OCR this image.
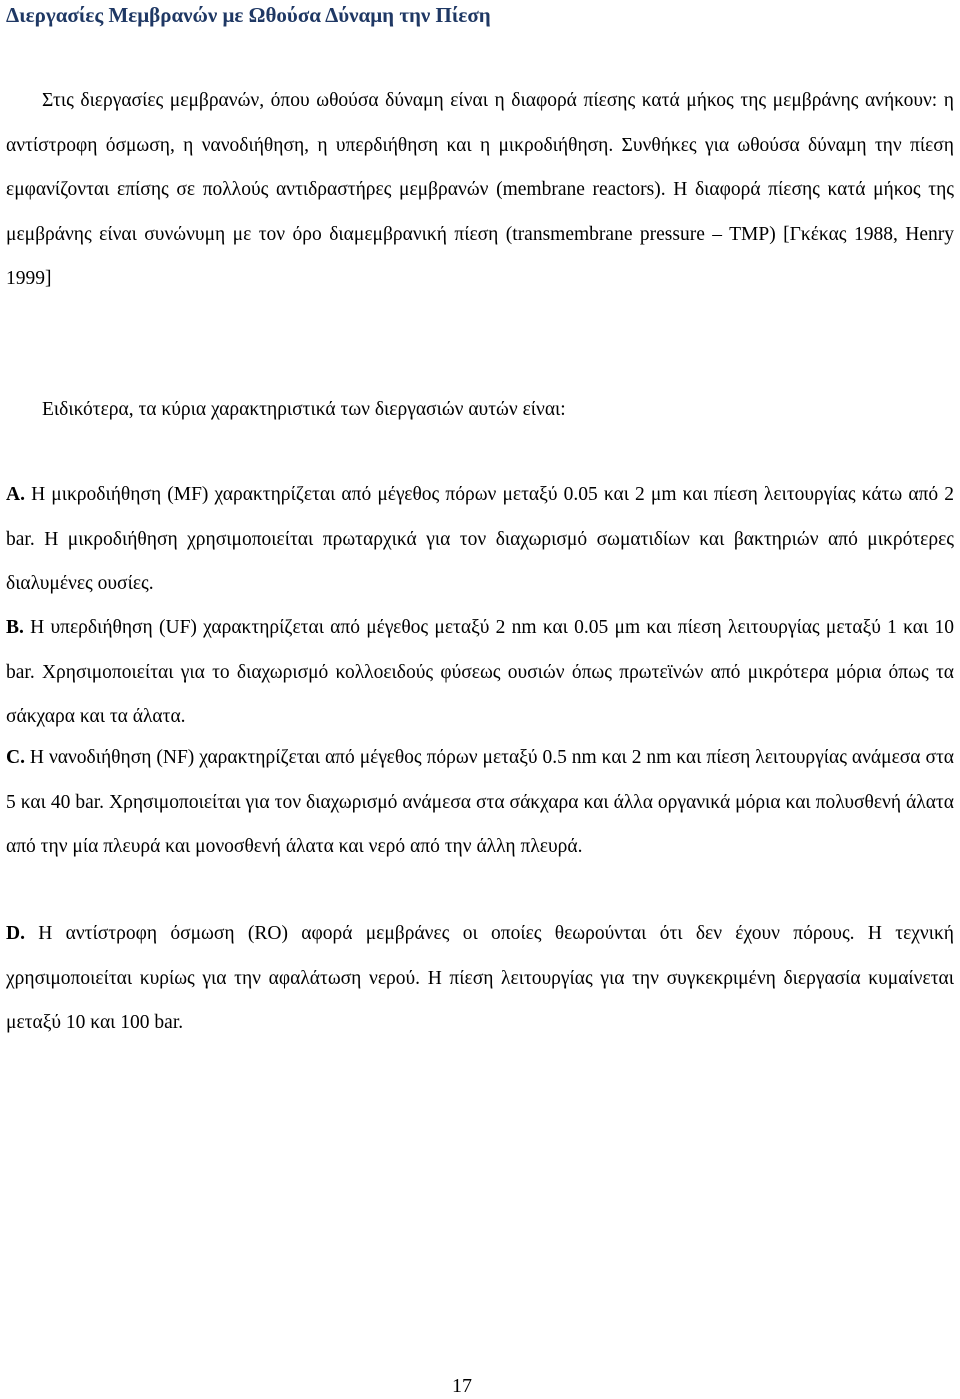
Διεργασίες Μεμβρανών με Ωθούσα Δύναμη την Πίεση

Στις διεργασίες μεμβρανών, όπου ωθούσα δύναμη είναι η διαφορά πίεσης κατά μήκος της μεμβράνης ανήκουν: η αντίστροφη όσμωση, η νανοδιήθηση, η υπερδιήθηση και η μικροδιήθηση. Συνθήκες για ωθούσα δύναμη την πίεση εμφανίζονται επίσης σε πολλούς αντιδραστήρες μεμβρανών (membrane reactors). Η διαφορά πίεσης κατά μήκος της μεμβράνης είναι συνώνυμη με τον όρο διαμεμβρανική πίεση (transmembrane pressure – TMP) [Γκέκας 1988, Henry 1999]

Ειδικότερα, τα κύρια χαρακτηριστικά των διεργασιών αυτών είναι:

A. Η μικροδιήθηση (MF) χαρακτηρίζεται από μέγεθος πόρων μεταξύ 0.05 και 2 μm και πίεση λειτουργίας κάτω από 2 bar. Η μικροδιήθηση χρησιμοποιείται πρωταρχικά για τον διαχωρισμό σωματιδίων και βακτηριών από μικρότερες διαλυμένες ουσίες.

B. Η υπερδιήθηση (UF) χαρακτηρίζεται από μέγεθος μεταξύ 2 nm και 0.05 μm και πίεση λειτουργίας μεταξύ 1 και 10 bar. Χρησιμοποιείται για το διαχωρισμό κολλοειδούς φύσεως ουσιών όπως πρωτεϊνών από μικρότερα μόρια όπως τα σάκχαρα και τα άλατα.

C. Η νανοδιήθηση (NF) χαρακτηρίζεται από μέγεθος πόρων μεταξύ 0.5 nm και 2 nm και πίεση λειτουργίας ανάμεσα στα 5 και 40 bar. Χρησιμοποιείται για τον διαχωρισμό ανάμεσα στα σάκχαρα και άλλα οργανικά μόρια και πολυσθενή άλατα από την μία πλευρά και μονοσθενή άλατα και νερό από την άλλη πλευρά.

D. Η αντίστροφη όσμωση (RO) αφορά μεμβράνες οι οποίες θεωρούνται ότι δεν έχουν πόρους. Η τεχνική χρησιμοποιείται κυρίως για την αφαλάτωση νερού. Η πίεση λειτουργίας για την συγκεκριμένη διεργασία κυμαίνεται μεταξύ 10 και 100 bar.

17
